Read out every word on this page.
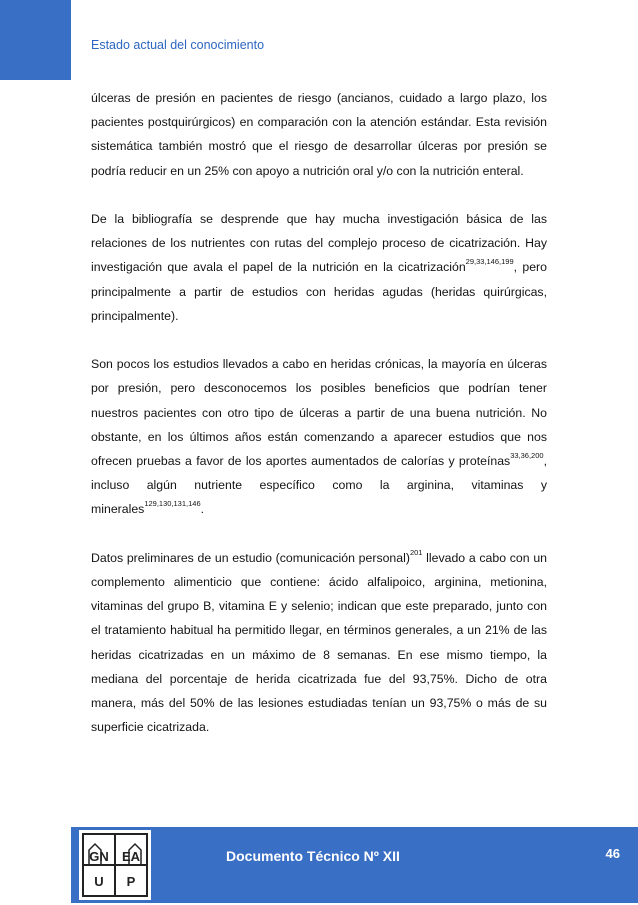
Estado actual del conocimiento

úlceras de presión en pacientes de riesgo (ancianos, cuidado a largo plazo, los pacientes postquirúrgicos) en comparación con la atención estándar. Esta revisión sistemática también mostró que el riesgo de desarrollar úlceras por presión se podría reducir en un 25% con apoyo a nutrición oral y/o con la nutrición enteral.

De la bibliografía se desprende que hay mucha investigación básica de las relaciones de los nutrientes con rutas del complejo proceso de cicatrización. Hay investigación que avala el papel de la nutrición en la cicatrización$^{29,33,146,199}$, pero principalmente a partir de estudios con heridas agudas (heridas quirúrgicas, principalmente).

Son pocos los estudios llevados a cabo en heridas crónicas, la mayoría en úlceras por presión, pero desconocemos los posibles beneficios que podrían tener nuestros pacientes con otro tipo de úlceras a partir de una buena nutrición. No obstante, en los últimos años están comenzando a aparecer estudios que nos ofrecen pruebas a favor de los aportes aumentados de calorías y proteínas$^{33,36,200}$, incluso algún nutriente específico como la arginina, vitaminas y minerales$^{129,130,131,146}$.

Datos preliminares de un estudio (comunicación personal)$^{201}$ llevado a cabo con un complemento alimenticio que contiene: ácido alfalipoico, arginina, metionina, vitaminas del grupo B, vitamina E y selenio; indican que este preparado, junto con el tratamiento habitual ha permitido llegar, en términos generales, a un 21% de las heridas cicatrizadas en un máximo de 8 semanas. En ese mismo tiempo, la mediana del porcentaje de herida cicatrizada fue del 93,75%. Dicho de otra manera, más del 50% de las lesiones estudiadas tenían un 93,75% o más de su superficie cicatrizada.

GN EA
U P
Documento Técnico Nº XII	46
